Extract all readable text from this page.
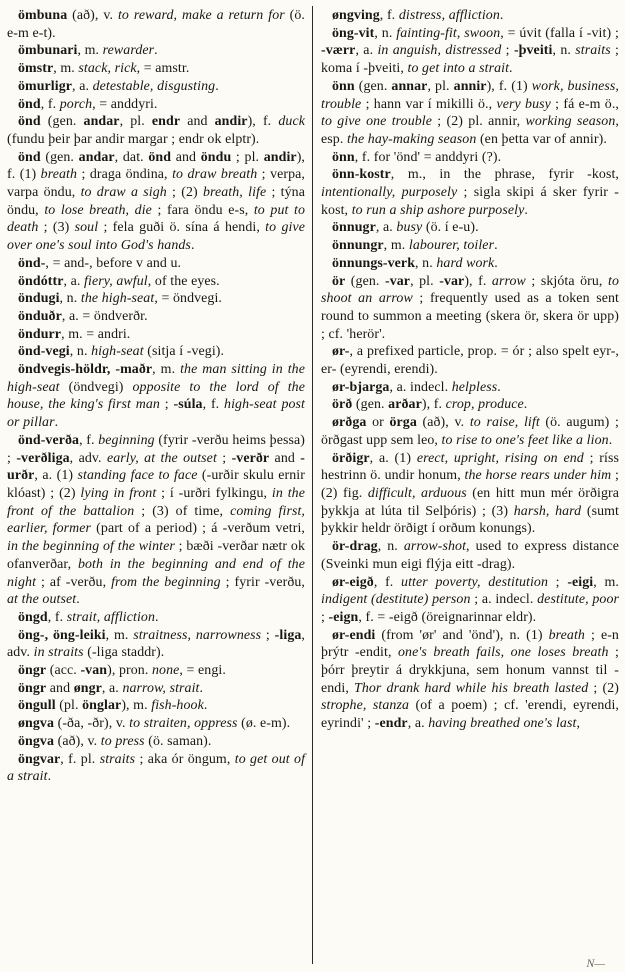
ömbuna (að), v. to reward, make a return for (ö. e-m e-t).

ömbunari, m. rewarder.

ömstr, m. stack, rick, = amstr.

ömurligr, a. detestable, disgusting.

önd, f. porch, = anddyri.

önd (gen. andar, pl. endr and andir), f. duck (fundu þeir þar andir margar ; endr ok elptr).

önd (gen. andar, dat. önd and öndu ; pl. andir), f. (1) breath ; draga öndina, to draw breath ; verpa, varpa öndu, to draw a sigh ; (2) breath, life ; týna öndu, to lose breath, die ; fara öndu e-s, to put to death ; (3) soul ; fela guði ö. sína á hendi, to give over one's soul into God's hands.

önd-, = and-, before v and u.

öndóttr, a. fiery, awful, of the eyes.

öndugi, n. the high-seat, = öndvegi.

önduðr, a. = öndverðr.

öndurr, m. = andri.

önd-vegi, n. high-seat (sitja í -vegi).

öndvegis-höldr, -maðr, m. the man sitting in the high-seat (öndvegi) opposite to the lord of the house, the king's first man ; -súla, f. high-seat post or pillar.

önd-verða, f. beginning (fyrir -verðu heims þessa) ; -verðliga, adv. early, at the outset ; -verðr and -urðr, a. (1) standing face to face (-urðir skulu ernir klóast) ; (2) lying in front ; í -urðri fylkingu, in the front of the battalion ; (3) of time, coming first, earlier, former (part of a period) ; á -verðum vetri, in the beginning of the winter ; bæði -verðar nætr ok ofanverðar, both in the beginning and end of the night ; af -verðu, from the beginning ; fyrir -verðu, at the outset.

öngd, f. strait, affliction.

öng-, öng-leiki, m. straitness, narrowness ; -liga, adv. in straits (-liga staddr).

öngr (acc. -van), pron. none, = engi.

öngr and øngr, a. narrow, strait.

öngull (pl. önglar), m. fish-hook.

øngva (-ða, -ðr), v. to straiten, oppress (ø. e-m).

öngva (að), v. to press (ö. saman).

öngvar, f. pl. straits ; aka ór öngum, to get out of a strait.

øngving, f. distress, affliction.

öng-vit, n. fainting-fit, swoon, = úvit (falla í -vit) ; -værr, a. in anguish, distressed ; -þveiti, n. straits ; koma í -þveiti, to get into a strait.

önn (gen. annar, pl. annir), f. (1) work, business, trouble ; hann var í mikilli ö., very busy ; fá e-m ö., to give one trouble ; (2) pl. annir, working season, esp. the hay-making season (en þetta var of annir).

önn, f. for 'önd' = anddyri (?).

önn-kostr, m., in the phrase, fyrir -kost, intentionally, purposely ; sigla skipi á sker fyrir -kost, to run a ship ashore purposely.

önnugr, a. busy (ö. í e-u).

önnungr, m. labourer, toiler.

önnungs-verk, n. hard work.

ör (gen. -var, pl. -var), f. arrow ; skjóta öru, to shoot an arrow ; frequently used as a token sent round to summon a meeting (skera ör, skera ör upp) ; cf. 'herör'.

ør-, a prefixed particle, prop. = ór ; also spelt eyr-, er- (eyrendi, erendi).

ør-bjarga, a. indecl. helpless.

örð (gen. arðar), f. crop, produce.

ørðga or örga (að), v. to raise, lift (ö. augum) ; örðgast upp sem leo, to rise to one's feet like a lion.

örðigr, a. (1) erect, upright, rising on end ; ríss hestrinn ö. undir honum, the horse rears under him ; (2) fig. difficult, arduous (en hitt mun mér örðigra þykkja at lúta til Selþóris) ; (3) harsh, hard (sumt þykkir heldr örðigt í orðum konungs).

ör-drag, n. arrow-shot, used to express distance (Sveinki mun eigi flýja eitt -drag).

ør-eigð, f. utter poverty, destitution ; -eigi, m. indigent (destitute) person ; a. indecl. destitute, poor ; -eign, f. = -eigð (öreignarinnar eldr).

ør-endi (from 'ør' and 'önd'), n. (1) breath ; e-n þrýtr -endit, one's breath fails, one loses breath ; þórr þreytir á drykkjuna, sem honum vannst til -endi, Thor drank hard while his breath lasted ; (2) strophe, stanza (of a poem) ; cf. 'erendi, eyrendi, eyrindi' ; -endr, a. having breathed one's last,

N—
